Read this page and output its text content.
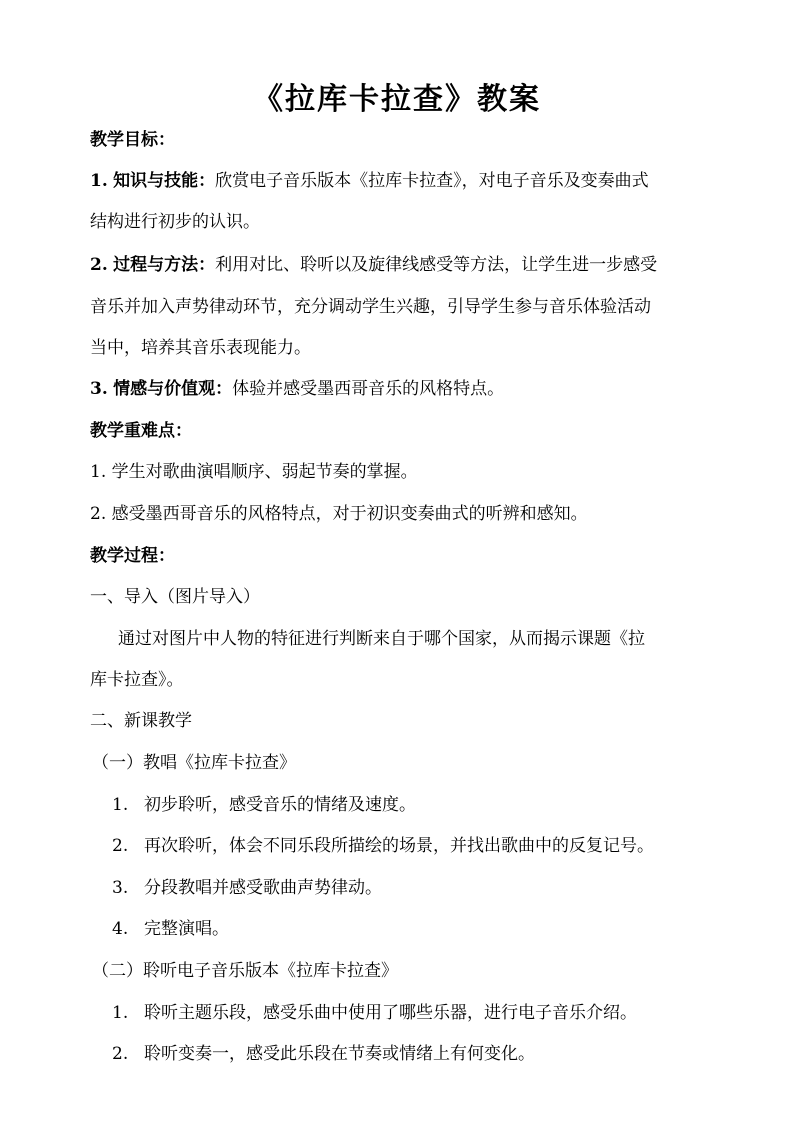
《拉库卡拉查》教案
教学目标：
1. 知识与技能：欣赏电子音乐版本《拉库卡拉查》，对电子音乐及变奏曲式
结构进行初步的认识。
2. 过程与方法：利用对比、聆听以及旋律线感受等方法，让学生进一步感受
音乐并加入声势律动环节，充分调动学生兴趣，引导学生参与音乐体验活动
当中，培养其音乐表现能力。
3. 情感与价值观：体验并感受墨西哥音乐的风格特点。
教学重难点：
1. 学生对歌曲演唱顺序、弱起节奏的掌握。
2. 感受墨西哥音乐的风格特点，对于初识变奏曲式的听辨和感知。
教学过程：
一、导入（图片导入）
通过对图片中人物的特征进行判断来自于哪个国家，从而揭示课题《拉
库卡拉查》。
二、新课教学
（一）教唱《拉库卡拉查》
1. 初步聆听，感受音乐的情绪及速度。
2. 再次聆听，体会不同乐段所描绘的场景，并找出歌曲中的反复记号。
3. 分段教唱并感受歌曲声势律动。
4. 完整演唱。
（二）聆听电子音乐版本《拉库卡拉查》
1. 聆听主题乐段，感受乐曲中使用了哪些乐器，进行电子音乐介绍。
2. 聆听变奏一，感受此乐段在节奏或情绪上有何变化。
